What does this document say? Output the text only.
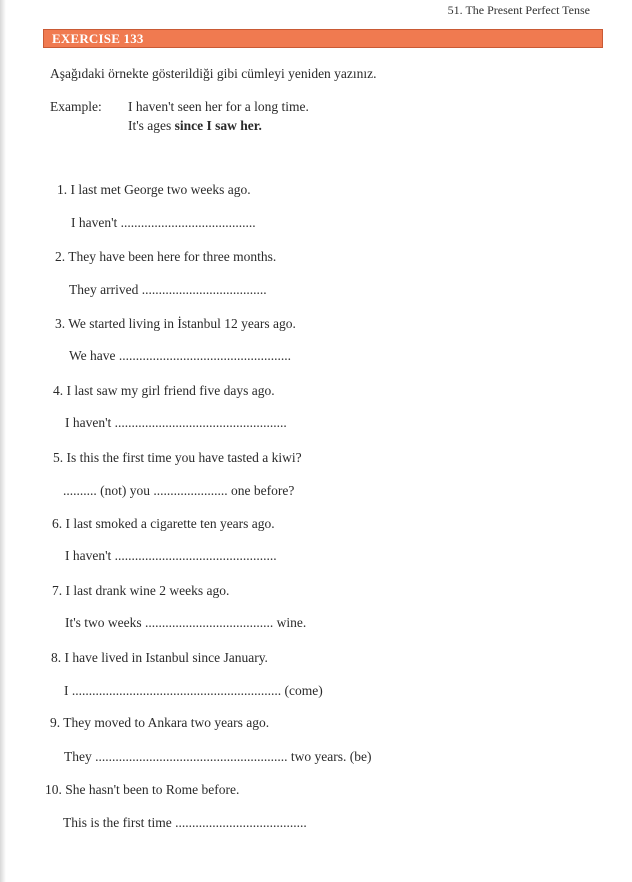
51. The Present Perfect Tense
EXERCISE 133
Aşağıdaki örnekte gösterildiği gibi cümleyi yeniden yazınız.
Example: I haven't seen her for a long time.
It's ages since I saw her.
1. I last met George two weeks ago.
I haven't ........................................
2. They have been here for three months.
They arrived .....................................
3. We started living in İstanbul 12 years ago.
We have ...................................................
4. I last saw my girl friend five days ago.
I haven't ...................................................
5. Is this the first time you have tasted a kiwi?
.......... (not) you ...................... one before?
6. I last smoked a cigarette ten years ago.
I haven't ................................................
7. I last drank wine 2 weeks ago.
It's two weeks ...................................... wine.
8. I have lived in Istanbul since January.
I .............................................................. (come)
9. They moved to Ankara two years ago.
They ......................................................... two years. (be)
10. She hasn't been to Rome before.
This is the first time .......................................
